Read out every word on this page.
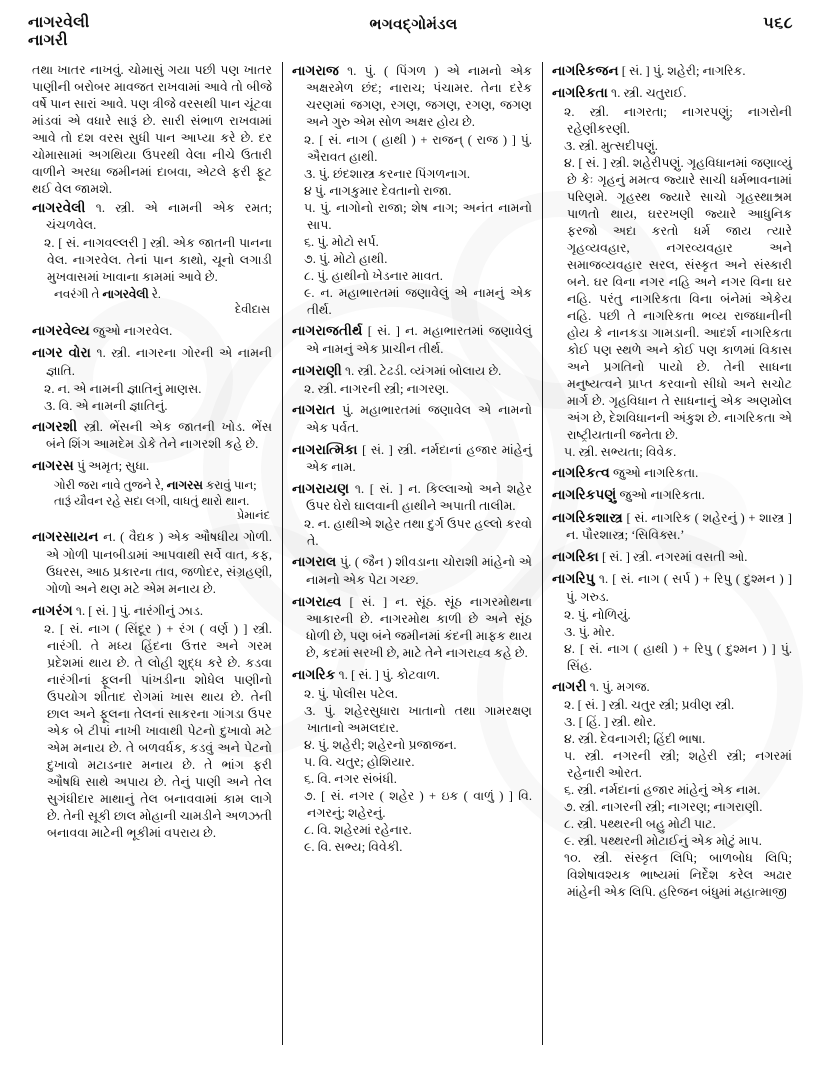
નાગરવેલી
નાગરી
ભગવદ્ગોમંડલ	૫૬૮

તથા ખાતર નાખવું. ચોમાસું ગયા પછી પણ ખાતર પાણીની બરોબર માવજત રાખવામાં આવે તો બીજે વર્ષે પાન સારાં આવે. પણ ત્રીજે વરસથી પાન ચૂંટવા માંડવાં એ વધારે સારૂં છે. સારી સંભાળ રાખવામાં આવે તો દશ વરસ સુધી પાન આપ્યા કરે છે. દર ચોમાસામાં અગથિયા ઉપરથી વેલા નીચે ઉતારી વાળીને અરધા જમીનમાં દાબવા, એટલે ફરી ફૂટ થઈ વેલ જામશે.

નાગરવેલી ૧. સ્ત્રી. એ નામની એક રમત; ચંચળવેલ.

૨. [ સં. નાગવલ્લરી ] સ્ત્રી. એક જાતની પાનના વેલ. નાગરવેલ. તેનાં પાન કાથો, ચૂનો લગાડી મુખવાસમાં ખાવાના કામમાં આવે છે.

નવરંગી તે નાગરવેલી રે.

દેવીદાસ

નાગરવેલ્ય જુઓ નાગરવેલ.

નાગર વોરા ૧. સ્ત્રી. નાગરના ગોરની એ નામની જ્ઞાતિ.

૨. ન. એ નામની જ્ઞાતિનું માણસ.

૩. વિ. એ નામની જ્ઞાતિનું.

નાગરશી સ્ત્રી. ભેંસની એક જાતની ખોડ. ભેંસ બંને શિંગ આમદેમ ડોકે તેને નાગરશી કહે છે.

નાગરસ પું અમૃત; સુધા.

ગોરી જરા નાવે તુજને રે, નાગરસ કરાવું પાન;

તારૂં યૌવન રહે સદા લગી, વાધતું થારો થાન.

પ્રેમાનંદ

નાગરસાયન ન. ( વૈદ્યક ) એક ઔષધીય ગોળી. એ ગોળી પાનબીડામાં આપવાથી સર્વે વાત, કફ, ઉધરસ, આઠ પ્રકારના તાવ, જળોદર, સંગ્રહણી, ગોળો અને થણ મટે એમ મનાય છે.

નાગરંગ ૧. [ સં. ] પું. નારંગીનું ઝાડ.

૨. [ સં. નાગ ( સિંદૂર ) + રંગ ( વર્ણ ) ] સ્ત્રી. નારંગી. તે મધ્ય હિંદના ઉત્તર અને ગરમ પ્રદેશમાં થાય છે. તે લોહી શુદ્ધ કરે છે. કડવા નારંગીનાં ફૂલની પાંખડીના શોધેલ પાણીનો ઉપયોગ શીતાદ રોગમાં ખાસ થાય છે. તેની છાલ અને ફૂલના તેલનાં સાકરના ગાંગડા ઉપર એક બે ટીપાં નાખી ખાવાથી પેટનો દુખાવો મટે એમ મનાય છે. તે બળવર્ધક, કડવું અને પેટનો દુખાવો મટાડનાર મનાય છે. તે ભાંગ ફરી ઔષધિ સાથે અપાય છે. તેનું પાણી અને તેલ સુગંધીદાર માથાનું તેલ બનાવવામાં કામ લાગે છે. તેની સૂકી છાલ મોહાની ચામડીને અળઝતી બનાવવા માટેની ભૂકીમાં વપરાય છે.

નાગરાજ ૧. પું. ( પિંગળ ) એ નામનો એક અક્ષરમેળ છંદ; નારાચ; પંચામર. તેના દરેક ચરણમાં જગણ, રગણ, જગણ, રગણ, જગણ અને ગુરુ એમ સોળ અક્ષર હોય છે.

૨. [ સં. નાગ ( હાથી ) + રાજન્ ( રાજ ) ] પું. ઐરાવત હાથી.

૩. પું. છંદશાસ્ત્ર કરનાર પિંગળનાગ.

૪ પું. નાગકુમાર દેવતાનો રાજા.

૫. પું. નાગોનો રાજા; શેષ નાગ; અનંત નામનો સાપ.

૬. પું. મોટો સર્પ.

૭. પું. મોટો હાથી.

૮. પું. હાથીનો ખેડનાર માવત.

૯. ન. મહાભારતમાં જણાવેલું એ નામનું એક તીર્થ.

નાગરાજતીર્થ [ સં. ] ન. મહાભારતમાં જણાવેલું એ નામનું એક પ્રાચીન તીર્થ.

નાગરાણી ૧. સ્ત્રી. ટેઢડી. વ્યંગમાં બોલાય છે.

૨. સ્ત્રી. નાગરની સ્ત્રી; નાગરણ.

નાગરાત પું. મહાભારતમાં જણાવેલ એ નામનો એક પર્વત.

નાગરાત્મિકા [ સં. ] સ્ત્રી. નર્મદાનાં હજાર માંહેનું એક નામ.

નાગરાયણ ૧. [ સં. ] ન. કિલ્લાઓ અને શહેર ઉપર ઘેરો ઘાલવાની હાથીને અપાતી તાલીમ.

૨. ન. હાથીએ શહેર તથા દુર્ગ ઉપર હલ્લો કરવો તે.

નાગરાલ પું. ( જૈન ) શીવડાના ચોરાશી માંહેનો એ નામનો એક પેટા ગચ્છ.

નાગરાહ્વ [ સં. ] ન. સૂંઠ. સૂંઠ નાગરમોથના આકારની છે. નાગરમોથ કાળી છે અને સૂંઠ ધોળી છે, પણ બંને જમીનમાં કંદની માફક થાય છે, કદમાં સરખી છે, માટે તેને નાગરાહ્વ કહે છે.

નાગરિક ૧. [ સં. ] પું. કોટવાળ.

૨. પું. પોલીસ પટેલ.

૩. પું. શહેરસુધારા ખાતાનો તથા ગામરક્ષણ ખાતાનો અમલદાર.

૪. પું. શહેરી; શહેરનો પ્રજાજન.

૫. વિ. ચતુર; હોશિયાર.

૬. વિ. નગર સંબંધી.

૭. [ સં. નગર ( શહેર ) + ઇક ( વાળું ) ] વિ. નગરનું; શહેરનું.

૮. વિ. શહેરમાં રહેનાર.

૯. વિ. સભ્ય; વિવેકી.

નાગરિકજન [ સં. ] પું. શહેરી; નાગરિક.

નાગરિકતા ૧. સ્ત્રી. ચતુરાઈ.

૨. સ્ત્રી. નાગરતા; નાગરપણું; નાગરોની રહેણીકરણી.

૩. સ્ત્રી. મુત્સદીપણું.

૪. [ સં. ] સ્ત્રી. શહેરીપણું. ગૃહવિધાનમાં જણાવ્યું છે કેઃ ગૃહનું મમત્વ જ્યારે સાચી ધર્મભાવનામાં પરિણમે. ગૃહસ્થ જ્યારે સાચો ગૃહસ્થાશ્રમ પાળતો થાય, ઘરરખણી જ્યારે આધુનિક ફરજો અદા કરતો ધર્મ જાય ત્યારે ગૃહવ્યવહાર, નગરવ્યવહાર અને સમાજવ્યવહાર સરલ, સંસ્કૃત અને સંસ્કારી બને. ઘર વિના નગર નહિ અને નગર વિના ઘર નહિ. પરંતુ નાગરિકતા વિના બંનેમાં એકેય નહિ. પછી તે નાગરિકતા ભવ્ય રાજધાનીની હોય કે નાનકડા ગામડાની. આદર્શ નાગરિકતા કોઈ પણ સ્થળે અને કોઈ પણ કાળમાં વિકાસ અને પ્રગતિનો પાયો છે. તેની સાધના મનુષ્યત્વને પ્રાપ્ત કરવાનો સીધો અને સચોટ માર્ગ છે. ગૃહવિધાન તે સાધનાનું એક અણમોલ અંગ છે, દેશવિધાનની અંકુશ છે. નાગરિકતા એ રાષ્ટ્રીયતાની જનેતા છે.

૫. સ્ત્રી. સભ્યતા; વિવેક.

નાગરિકત્વ જુઓ નાગરિકતા.

નાગરિકપણું જુઓ નાગરિકતા.

નાગરિકશાસ્ત્ર [ સં. નાગરિક ( શહેરનું ) + શાસ્ત્ર ] ન. પૌરશાસ્ત્ર; ‘સિવિક્સ.’

નાગરિકા [ સં. ] સ્ત્રી. નગરમાં વસતી ઓ.

નાગરિપુ ૧. [ સં. નાગ ( સર્પ ) + રિપુ ( દુશ્મન ) ] પું. ગરુડ.

૨. પું. નોળિયું.

૩. પું. મોર.

૪. [ સં. નાગ ( હાથી ) + રિપુ ( દુશ્મન ) ] પું. સિંહ.

નાગરી ૧. પું. મગજ.

૨. [ સં. ] સ્ત્રી. ચતુર સ્ત્રી; પ્રવીણ સ્ત્રી.

૩. [ હિં. ] સ્ત્રી. થોર.

૪. સ્ત્રી. દેવનાગરી; હિંદી ભાષા.

૫. સ્ત્રી. નગરની સ્ત્રી; શહેરી સ્ત્રી; નગરમાં રહેનારી ઓરત.

૬. સ્ત્રી. નર્મદાનાં હજાર માંહેનું એક નામ.

૭. સ્ત્રી. નાગરની સ્ત્રી; નાગરણ; નાગરાણી.

૮. સ્ત્રી. પથ્થરની બહુ મોટી પાટ.

૯. સ્ત્રી. પથ્થરની મોટાઈનું એક મોટું માપ.

૧૦. સ્ત્રી. સંસ્કૃત લિપિ; બાળબોધ લિપિ; વિશેષાવશ્યક ભાષ્યમાં નિર્દેશ કરેલ અઢાર માંહેની એક લિપિ. હરિજન બંધુમાં મહાત્માજી
